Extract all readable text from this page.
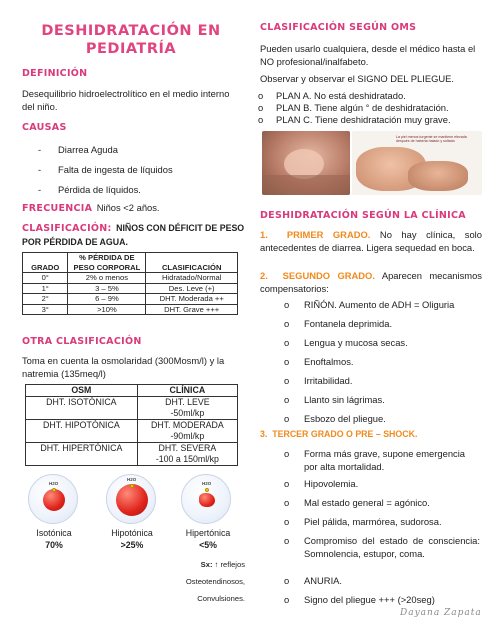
DESHIDRATACIÓN EN PEDIATRÍA
DEFINICIÓN
Desequilibrio hidroelectrolítico en el medio interno del niño.
CAUSAS
- Diarrea Aguda
- Falta de ingesta de líquidos
- Pérdida de líquidos.
FRECUENCIA Niños <2 años.
CLASIFICACIÓN: NIÑOS CON DÉFICIT DE PESO POR PÉRDIDA DE AGUA.
GRADO	% PÉRDIDA DE PESO CORPORAL	CLASIFICACIÓN
0°	2% o menos	Hidratado/Normal
1°	3 – 5%	Des. Leve (+)
2°	6 – 9%	DHT. Moderada ++
3°	>10%	DHT. Grave +++
OTRA CLASIFICACIÓN
Toma en cuenta la osmolaridad (300Mosm/l) y la natremia (135meq/l)
OSM	CLÍNICA
DHT. ISOTÓNICA	DHT. LEVE
-50ml/kp

DHT. HIPOTÓNICA	DHT. MODERADA
-90ml/kp

DHT. HIPERTÓNICA	DHT. SEVERA
-100 a 150ml/kp
H2O
H2O
H2O
Isotónica	Hipotónica	Hipertónica
70%	>25%	<5%
Sx: ↑ reflejos
Osteotendinosos,
Convulsiones.
CLASIFICACIÓN SEGÚN OMS
Pueden usarlo cualquiera, desde el médico hasta el NO profesional/inalfabeto.
Observar y observar el SIGNO DEL PLIEGUE.
o PLAN A. No está deshidratado.
o PLAN B. Tiene algún ° de deshidratación.
o PLAN C. Tiene deshidratación muy grave.
La piel menos turgente se mantiene elevada después de haberla halado y soltado
DESHIDRATACIÓN SEGÚN LA CLÍNICA
1. PRIMER GRADO. No hay clínica, solo antecedentes de diarrea. Ligera sequedad en boca.
2. SEGUNDO GRADO. Aparecen mecanismos compensatorios:
o RIÑÓN. Aumento de ADH = Oliguria
o Fontanela deprimida.
o Lengua y mucosa secas.
o Enoftalmos.
o Irritabilidad.
o Llanto sin lágrimas.
o Esbozo del pliegue.
3. TERCER GRADO O PRE – SHOCK.
o Forma más grave, supone emergencia por alta mortalidad.
o Hipovolemia.
o Mal estado general = agónico.
o Piel pálida, marmórea, sudorosa.
o Compromiso del estado de consciencia: Somnolencia, estupor, coma.
o ANURIA.
o Signo del pliegue +++ (>20seg)
Dayana Zapata
